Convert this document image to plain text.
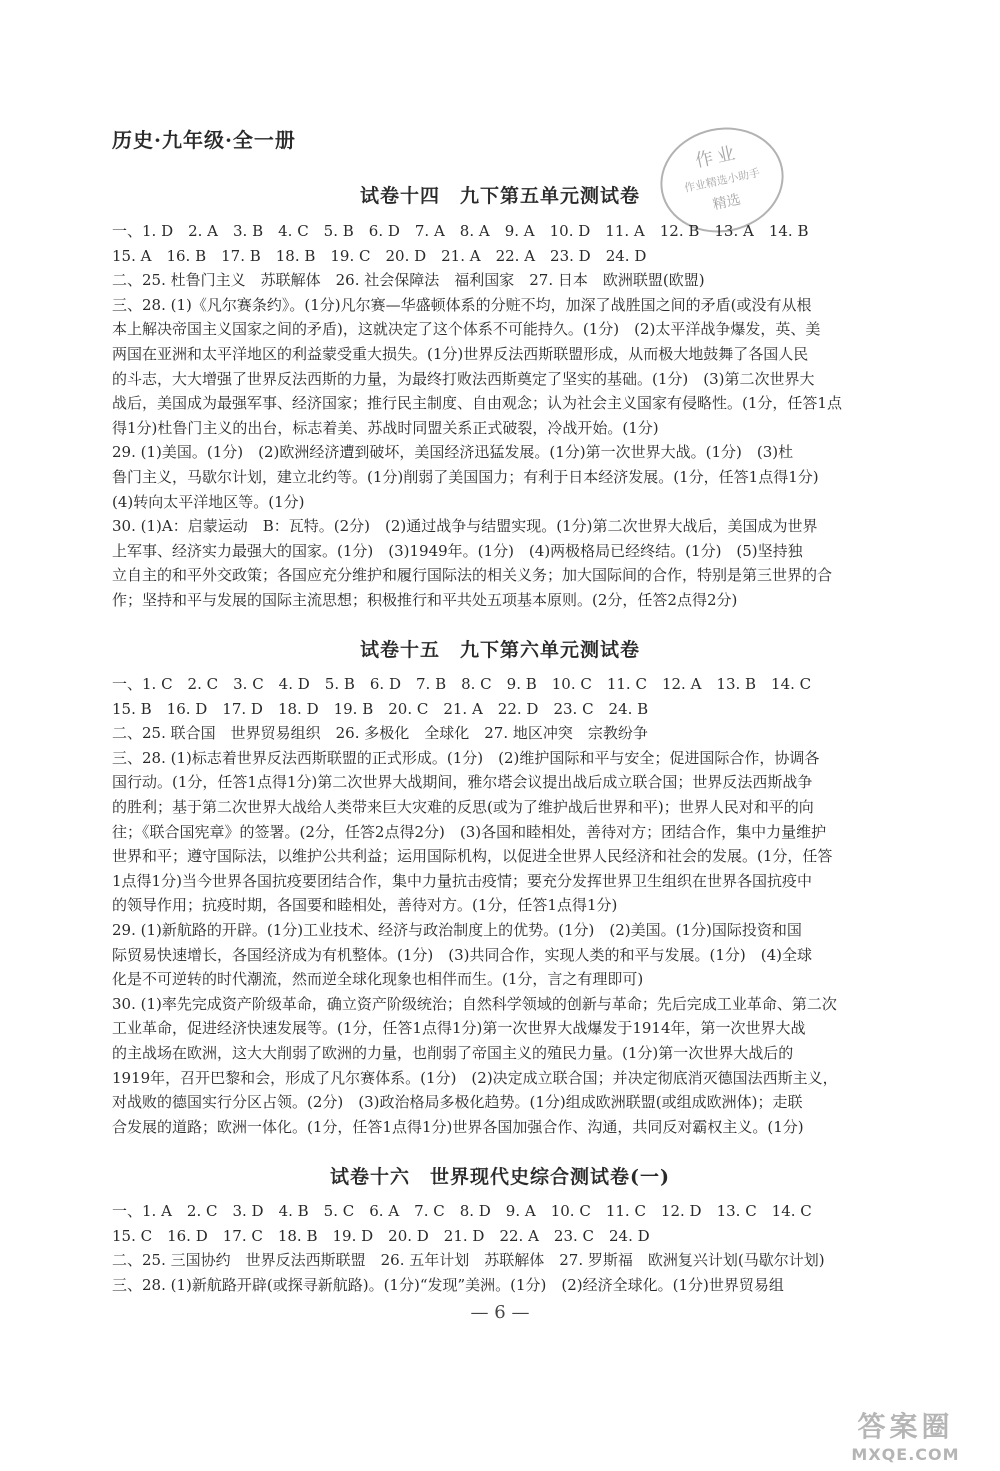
历史·九年级·全一册
作业
作业精选小助手
精选
试卷十四　九下第五单元测试卷
一、1. D　2. A　3. B　4. C　5. B　6. D　7. A　8. A　9. A　10. D　11. A　12. B　13. A　14. B
15. A　16. B　17. B　18. B　19. C　20. D　21. A　22. A　23. D　24. D
二、25. 杜鲁门主义　苏联解体　26. 社会保障法　福利国家　27. 日本　欧洲联盟(欧盟)
三、28. (1)《凡尔赛条约》。(1分)凡尔赛—华盛顿体系的分赃不均，加深了战胜国之间的矛盾(或没有从根
本上解决帝国主义国家之间的矛盾)，这就决定了这个体系不可能持久。(1分)　(2)太平洋战争爆发，英、美
两国在亚洲和太平洋地区的利益蒙受重大损失。(1分)世界反法西斯联盟形成，从而极大地鼓舞了各国人民
的斗志，大大增强了世界反法西斯的力量，为最终打败法西斯奠定了坚实的基础。(1分)　(3)第二次世界大
战后，美国成为最强军事、经济国家；推行民主制度、自由观念；认为社会主义国家有侵略性。(1分，任答1点
得1分)杜鲁门主义的出台，标志着美、苏战时同盟关系正式破裂，冷战开始。(1分)
29. (1)美国。(1分)　(2)欧洲经济遭到破坏，美国经济迅猛发展。(1分)第一次世界大战。(1分)　(3)杜
鲁门主义，马歇尔计划，建立北约等。(1分)削弱了美国国力；有利于日本经济发展。(1分，任答1点得1分)
(4)转向太平洋地区等。(1分)
30. (1)A：启蒙运动　B：瓦特。(2分)　(2)通过战争与结盟实现。(1分)第二次世界大战后，美国成为世界
上军事、经济实力最强大的国家。(1分)　(3)1949年。(1分)　(4)两极格局已经终结。(1分)　(5)坚持独
立自主的和平外交政策；各国应充分维护和履行国际法的相关义务；加大国际间的合作，特别是第三世界的合
作；坚持和平与发展的国际主流思想；积极推行和平共处五项基本原则。(2分，任答2点得2分)
试卷十五　九下第六单元测试卷
一、1. C　2. C　3. C　4. D　5. B　6. D　7. B　8. C　9. B　10. C　11. C　12. A　13. B　14. C
15. B　16. D　17. D　18. D　19. B　20. C　21. A　22. D　23. C　24. B
二、25. 联合国　世界贸易组织　26. 多极化　全球化　27. 地区冲突　宗教纷争
三、28. (1)标志着世界反法西斯联盟的正式形成。(1分)　(2)维护国际和平与安全；促进国际合作，协调各
国行动。(1分，任答1点得1分)第二次世界大战期间，雅尔塔会议提出战后成立联合国；世界反法西斯战争
的胜利；基于第二次世界大战给人类带来巨大灾难的反思(或为了维护战后世界和平)；世界人民对和平的向
往；《联合国宪章》的签署。(2分，任答2点得2分)　(3)各国和睦相处，善待对方；团结合作，集中力量维护
世界和平；遵守国际法，以维护公共利益；运用国际机构，以促进全世界人民经济和社会的发展。(1分，任答
1点得1分)当今世界各国抗疫要团结合作，集中力量抗击疫情；要充分发挥世界卫生组织在世界各国抗疫中
的领导作用；抗疫时期，各国要和睦相处，善待对方。(1分，任答1点得1分)
29. (1)新航路的开辟。(1分)工业技术、经济与政治制度上的优势。(1分)　(2)美国。(1分)国际投资和国
际贸易快速增长，各国经济成为有机整体。(1分)　(3)共同合作，实现人类的和平与发展。(1分)　(4)全球
化是不可逆转的时代潮流，然而逆全球化现象也相伴而生。(1分，言之有理即可)
30. (1)率先完成资产阶级革命，确立资产阶级统治；自然科学领域的创新与革命；先后完成工业革命、第二次
工业革命，促进经济快速发展等。(1分，任答1点得1分)第一次世界大战爆发于1914年，第一次世界大战
的主战场在欧洲，这大大削弱了欧洲的力量，也削弱了帝国主义的殖民力量。(1分)第一次世界大战后的
1919年，召开巴黎和会，形成了凡尔赛体系。(1分)　(2)决定成立联合国；并决定彻底消灭德国法西斯主义，
对战败的德国实行分区占领。(2分)　(3)政治格局多极化趋势。(1分)组成欧洲联盟(或组成欧洲体)；走联
合发展的道路；欧洲一体化。(1分，任答1点得1分)世界各国加强合作、沟通，共同反对霸权主义。(1分)
试卷十六　世界现代史综合测试卷(一)
一、1. A　2. C　3. D　4. B　5. C　6. A　7. C　8. D　9. A　10. C　11. C　12. D　13. C　14. C
15. C　16. D　17. C　18. B　19. D　20. D　21. D　22. A　23. C　24. D
二、25. 三国协约　世界反法西斯联盟　26. 五年计划　苏联解体　27. 罗斯福　欧洲复兴计划(马歇尔计划)
三、28. (1)新航路开辟(或探寻新航路)。(1分)“发现”美洲。(1分)　(2)经济全球化。(1分)世界贸易组
— 6 —
答案圈
MXQE.COM
